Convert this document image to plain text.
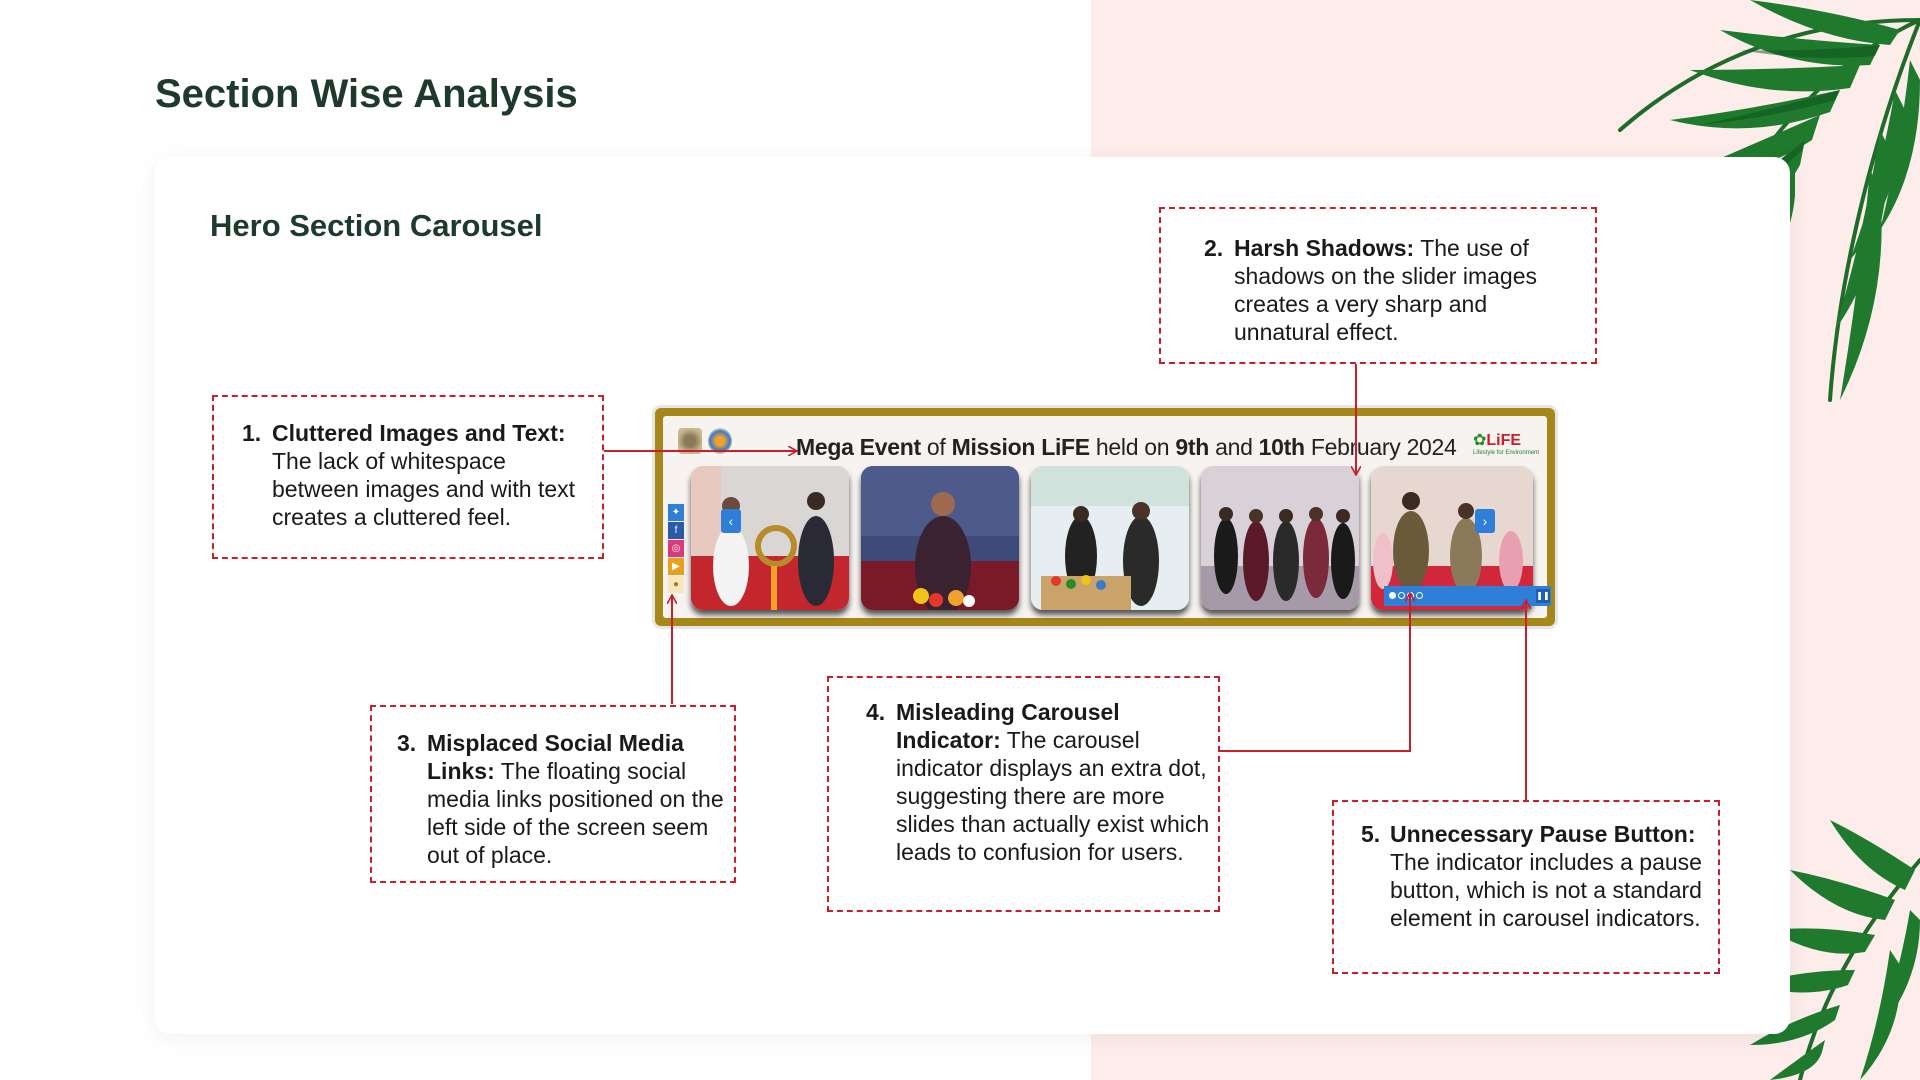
Section Wise Analysis
Hero Section Carousel
Mega Event of Mission LiFE held on 9th and 10th February 2024 ✿LiFE
Lifestyle for Environment
‹	›
✦
f
◎
▶
●
❚❚
1. Cluttered Images and Text:
The lack of whitespace between images and with text creates a cluttered feel.
2. Harsh Shadows: The use of shadows on the slider images creates a very sharp and unnatural effect.
3. Misplaced Social Media Links: The floating social media links positioned on the left side of the screen seem out of place.
4. Misleading Carousel Indicator: The carousel indicator displays an extra dot, suggesting there are more slides than actually exist which leads to confusion for users.
5. Unnecessary Pause Button:
The indicator includes a pause button, which is not a standard element in carousel indicators.
